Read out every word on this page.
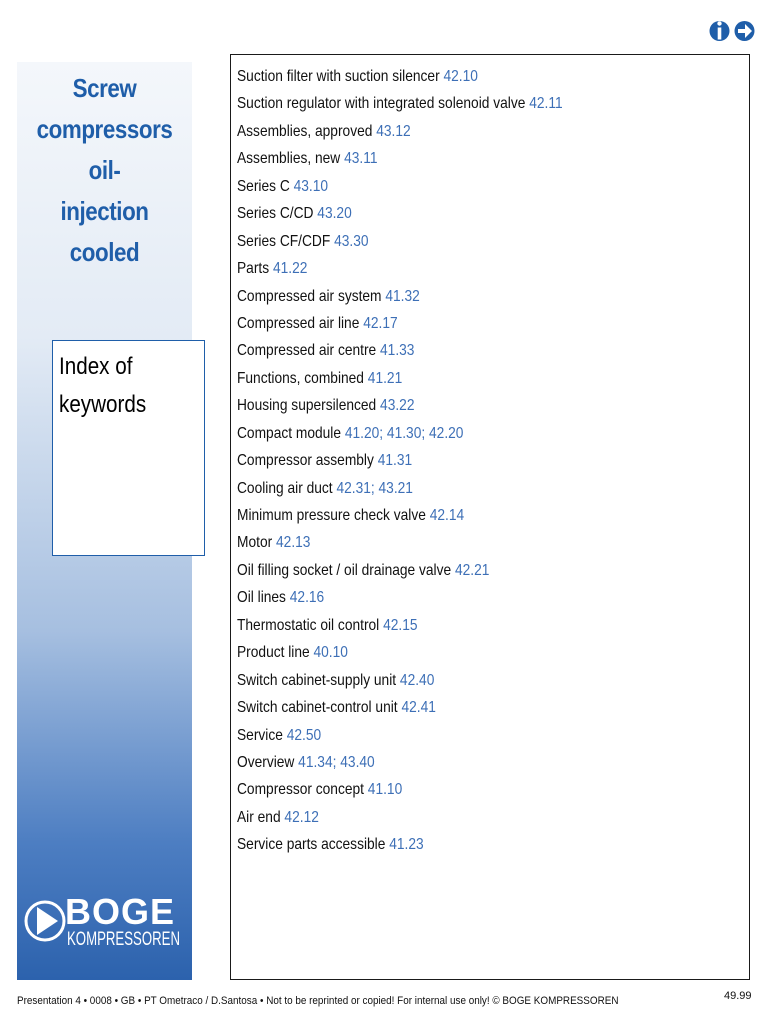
Screw
compressors oil-
injection cooled
Index of
keywords
BOGE
KOMPRESSOREN
Suction filter with suction silencer 42.10
Suction regulator with integrated solenoid valve 42.11
Assemblies, approved 43.12
Assemblies, new 43.11
Series C 43.10
Series C/CD 43.20
Series CF/CDF 43.30
Parts 41.22
Compressed air system 41.32
Compressed air line 42.17
Compressed air centre 41.33
Functions, combined 41.21
Housing supersilenced 43.22
Compact module 41.20; 41.30; 42.20
Compressor assembly 41.31
Cooling air duct 42.31; 43.21
Minimum pressure check valve 42.14
Motor 42.13
Oil filling socket / oil drainage valve 42.21
Oil lines 42.16
Thermostatic oil control 42.15
Product line 40.10
Switch cabinet-supply unit 42.40
Switch cabinet-control unit 42.41
Service 42.50
Overview 41.34; 43.40
Compressor concept 41.10
Air end 42.12
Service parts accessible 41.23
Presentation 4 • 0008 • GB • PT Ometraco / D.Santosa • Not to be reprinted or copied! For internal use only! © BOGE KOMPRESSOREN	49.99
